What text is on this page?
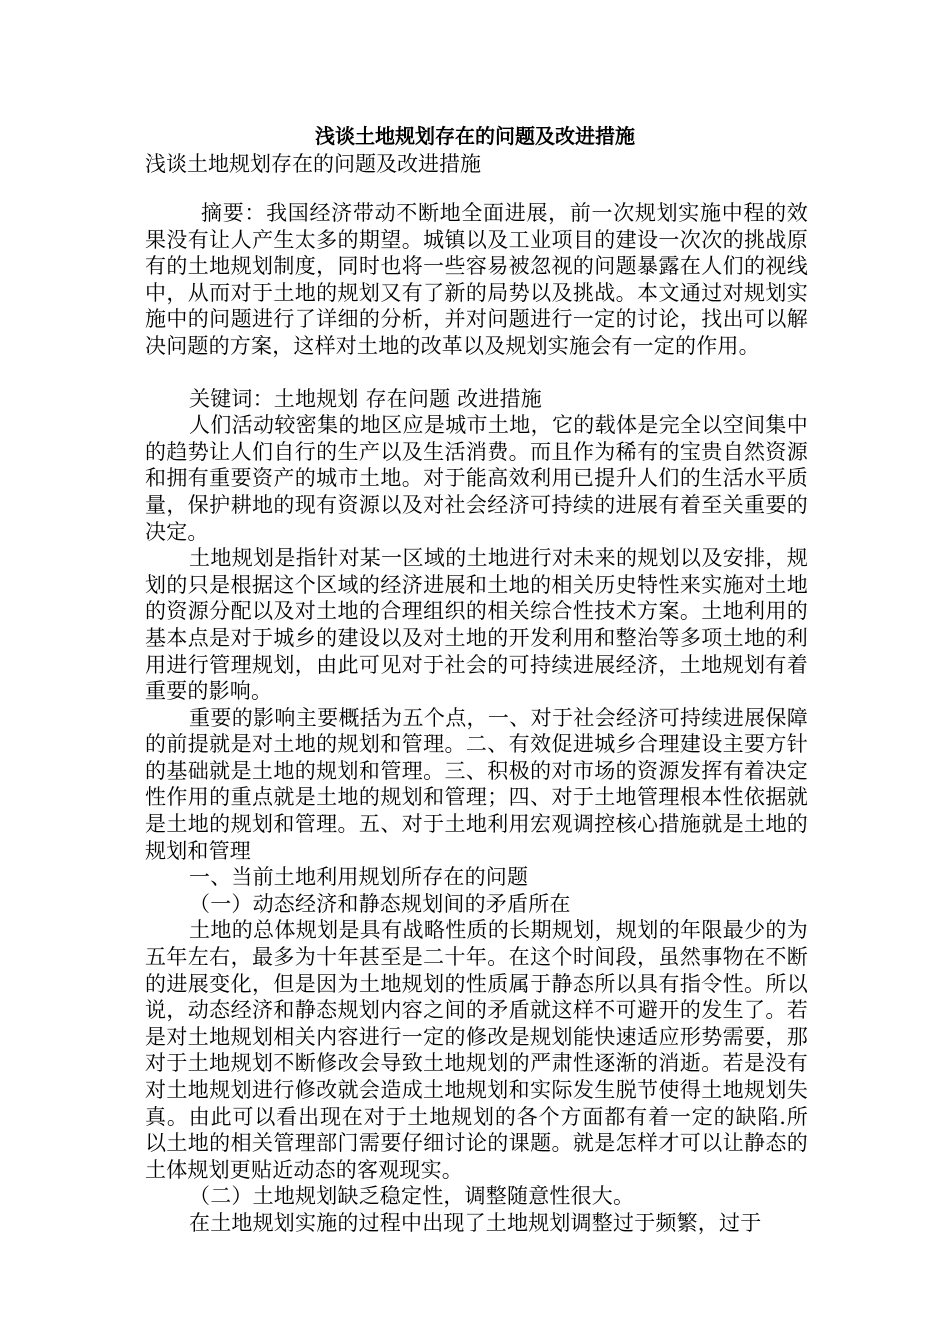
浅谈土地规划存在的问题及改进措施
浅谈土地规划存在的问题及改进措施

摘要：我国经济带动不断地全面进展，前一次规划实施中程的效果没有让人产生太多的期望。城镇以及工业项目的建设一次次的挑战原有的土地规划制度，同时也将一些容易被忽视的问题暴露在人们的视线中，从而对于土地的规划又有了新的局势以及挑战。本文通过对规划实施中的问题进行了详细的分析，并对问题进行一定的讨论，找出可以解决问题的方案，这样对土地的改革以及规划实施会有一定的作用。

关键词：土地规划 存在问题 改进措施

人们活动较密集的地区应是城市土地，它的载体是完全以空间集中的趋势让人们自行的生产以及生活消费。而且作为稀有的宝贵自然资源和拥有重要资产的城市土地。对于能高效利用已提升人们的生活水平质量，保护耕地的现有资源以及对社会经济可持续的进展有着至关重要的决定。

土地规划是指针对某一区域的土地进行对未来的规划以及安排，规划的只是根据这个区域的经济进展和土地的相关历史特性来实施对土地的资源分配以及对土地的合理组织的相关综合性技术方案。土地利用的基本点是对于城乡的建设以及对土地的开发利用和整治等多项土地的利用进行管理规划，由此可见对于社会的可持续进展经济，土地规划有着重要的影响。

重要的影响主要概括为五个点，一、对于社会经济可持续进展保障的前提就是对土地的规划和管理。二、有效促进城乡合理建设主要方针的基础就是土地的规划和管理。三、积极的对市场的资源发挥有着决定性作用的重点就是土地的规划和管理；四、对于土地管理根本性依据就是土地的规划和管理。五、对于土地利用宏观调控核心措施就是土地的规划和管理

一、当前土地利用规划所存在的问题

（一）动态经济和静态规划间的矛盾所在

土地的总体规划是具有战略性质的长期规划，规划的年限最少的为五年左右，最多为十年甚至是二十年。在这个时间段，虽然事物在不断的进展变化，但是因为土地规划的性质属于静态所以具有指令性。所以说，动态经济和静态规划内容之间的矛盾就这样不可避开的发生了。若是对土地规划相关内容进行一定的修改是规划能快速适应形势需要，那对于土地规划不断修改会导致土地规划的严肃性逐渐的消逝。若是没有对土地规划进行修改就会造成土地规划和实际发生脱节使得土地规划失真。由此可以看出现在对于土地规划的各个方面都有着一定的缺陷.所以土地的相关管理部门需要仔细讨论的课题。就是怎样才可以让静态的土体规划更贴近动态的客观现实。

（二）土地规划缺乏稳定性，调整随意性很大。

在土地规划实施的过程中出现了土地规划调整过于频繁，过于
